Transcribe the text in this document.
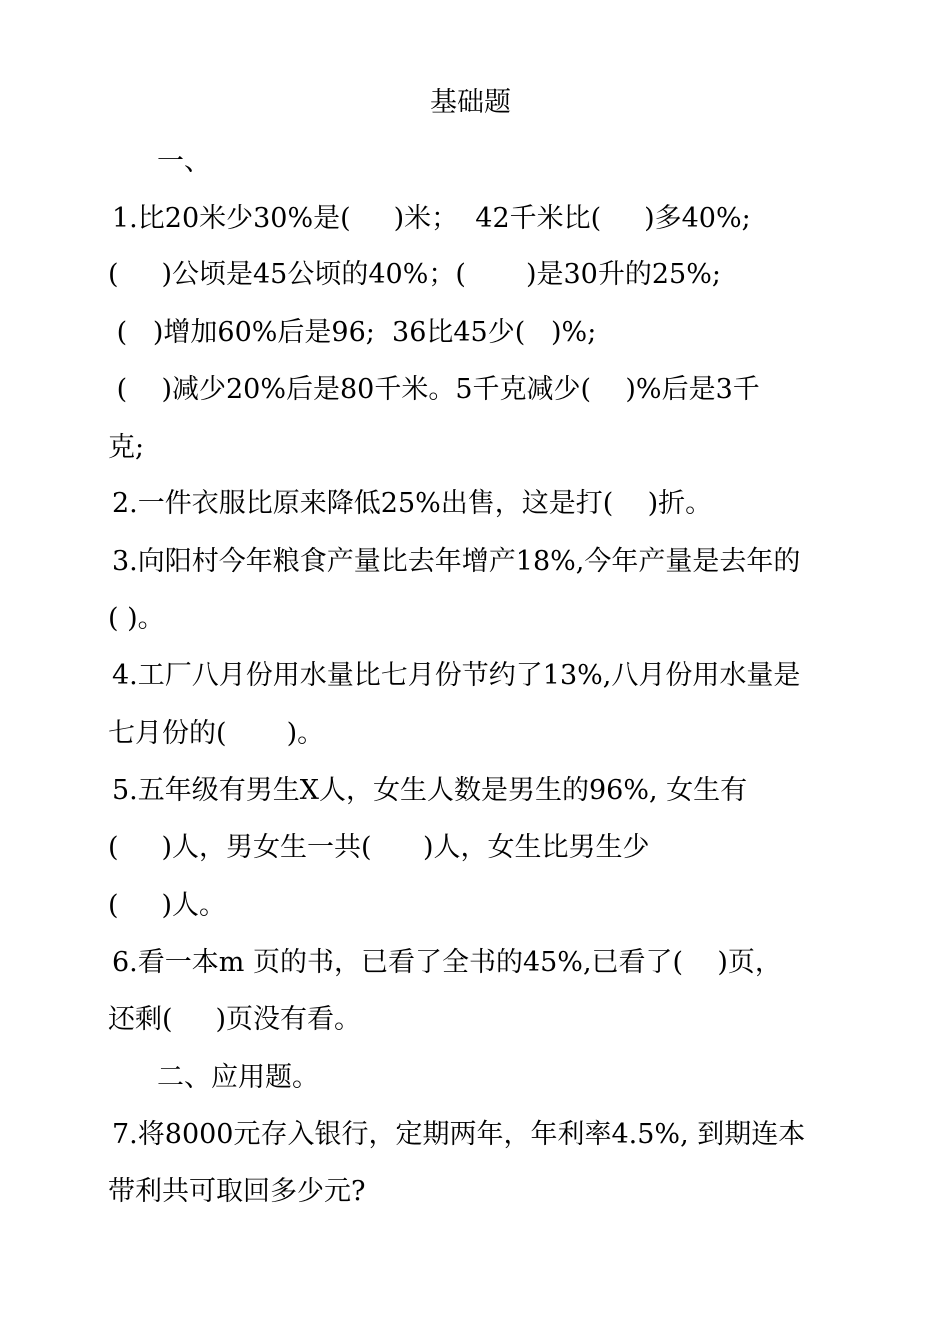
基础题
一、
1.比20米少30%是(     )米；  42千米比(     )多40%;
(     )公顷是45公顷的40%；(       )是30升的25%;
(   )增加60%后是96;  36比45少(   )%;
(    )减少20%后是80千米。5千克减少(    )%后是3千
克;
2.一件衣服比原来降低25%出售，这是打(    )折。
3.向阳村今年粮食产量比去年增产18%,今年产量是去年的
( )。
4.工厂八月份用水量比七月份节约了13%,八月份用水量是
七月份的(       )。
5.五年级有男生X人，女生人数是男生的96%, 女生有
(     )人，男女生一共(      )人，女生比男生少
(     )人。
6.看一本m 页的书，已看了全书的45%,已看了(    )页，
还剩(     )页没有看。
二、应用题。
7.将8000元存入银行，定期两年，年利率4.5%, 到期连本
带利共可取回多少元?
